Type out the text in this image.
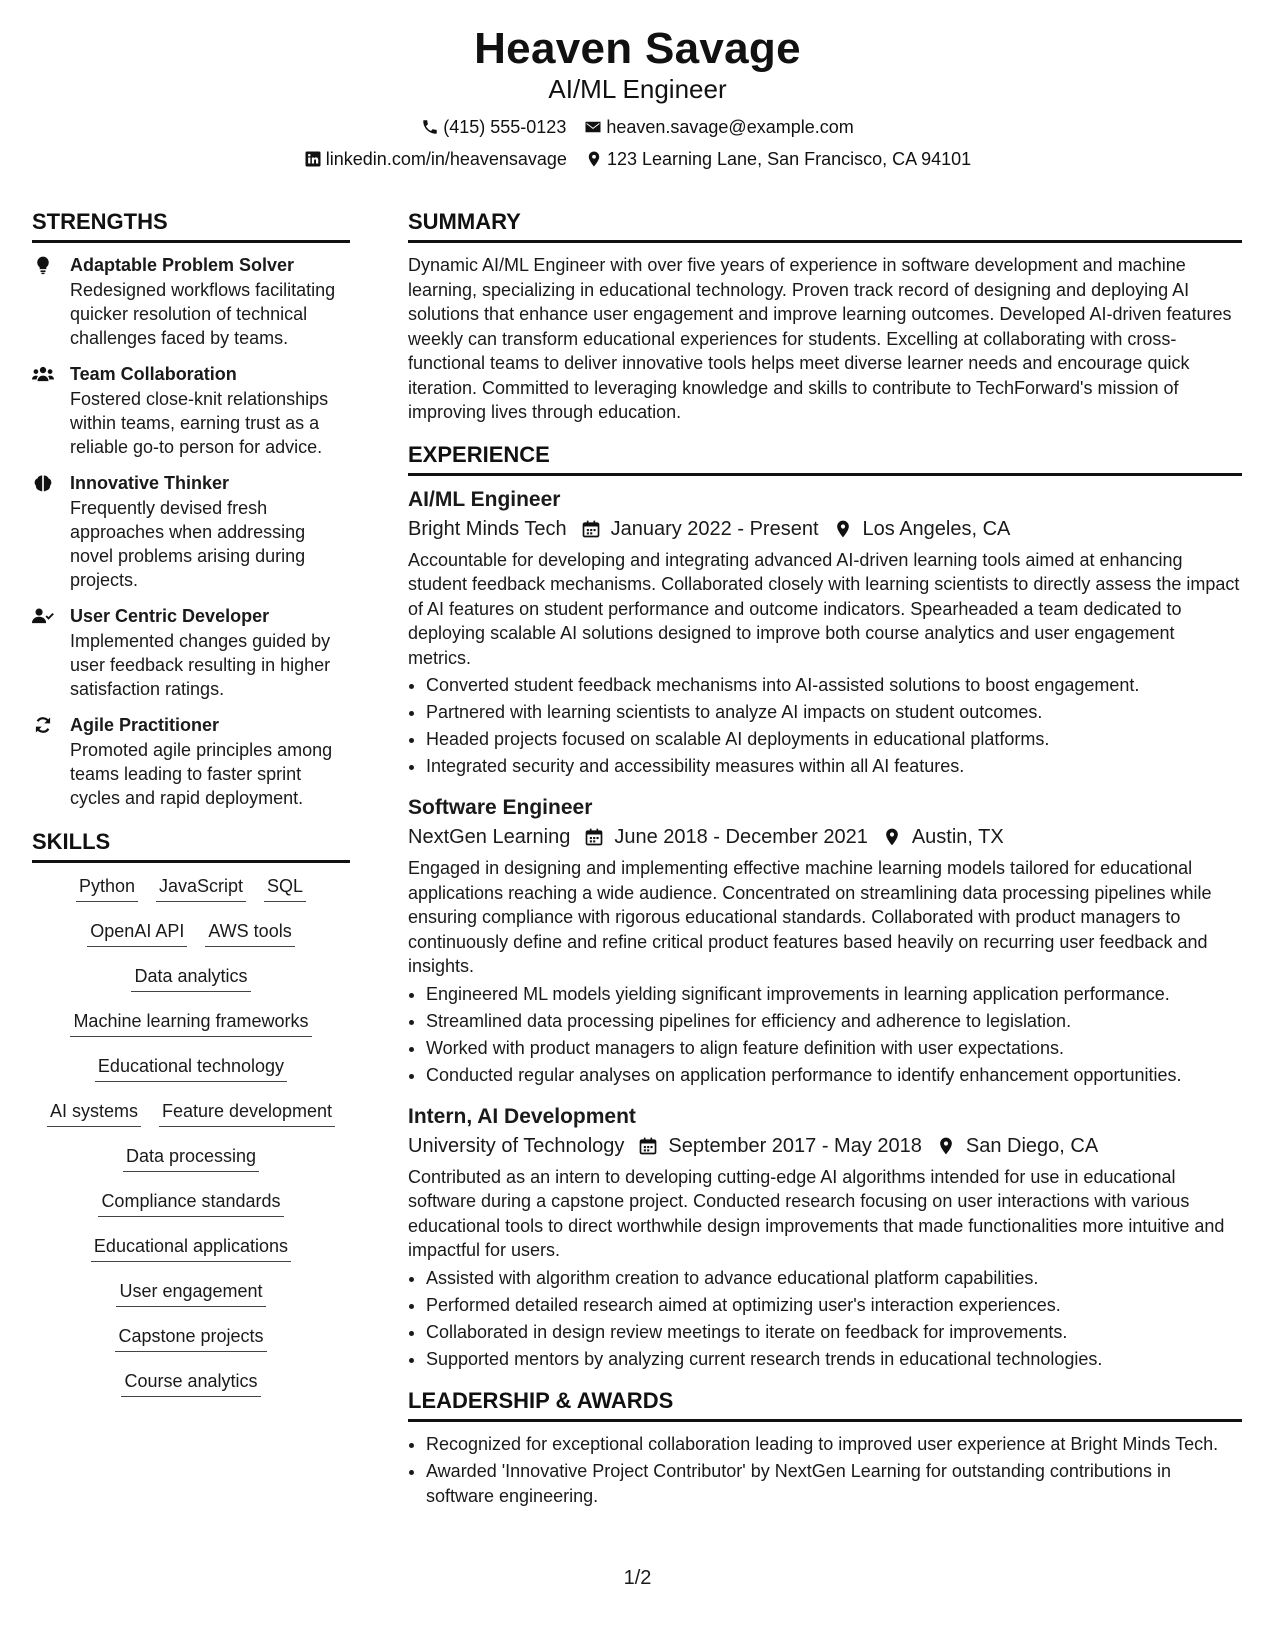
Heaven Savage
AI/ML Engineer
(415) 555-0123 heaven.savage@example.com
linkedin.com/in/heavensavage 123 Learning Lane, San Francisco, CA 94101
STRENGTHS
Adaptable Problem Solver
Redesigned workflows facilitating quicker resolution of technical challenges faced by teams.
Team Collaboration
Fostered close-knit relationships within teams, earning trust as a reliable go-to person for advice.
Innovative Thinker
Frequently devised fresh approaches when addressing novel problems arising during projects.
User Centric Developer
Implemented changes guided by user feedback resulting in higher satisfaction ratings.
Agile Practitioner
Promoted agile principles among teams leading to faster sprint cycles and rapid deployment.
SKILLS
Python JavaScript SQL
OpenAI API AWS tools
Data analytics
Machine learning frameworks
Educational technology
AI systems Feature development
Data processing
Compliance standards
Educational applications
User engagement
Capstone projects
Course analytics
SUMMARY
Dynamic AI/ML Engineer with over five years of experience in software development and machine learning, specializing in educational technology. Proven track record of designing and deploying AI solutions that enhance user engagement and improve learning outcomes. Developed AI-driven features weekly can transform educational experiences for students. Excelling at collaborating with cross-functional teams to deliver innovative tools helps meet diverse learner needs and encourage quick iteration. Committed to leveraging knowledge and skills to contribute to TechForward's mission of improving lives through education.
EXPERIENCE
AI/ML Engineer
Bright Minds Tech January 2022 - Present Los Angeles, CA
Accountable for developing and integrating advanced AI-driven learning tools aimed at enhancing student feedback mechanisms. Collaborated closely with learning scientists to directly assess the impact of AI features on student performance and outcome indicators. Spearheaded a team dedicated to deploying scalable AI solutions designed to improve both course analytics and user engagement metrics.
• Converted student feedback mechanisms into AI-assisted solutions to boost engagement.
• Partnered with learning scientists to analyze AI impacts on student outcomes.
• Headed projects focused on scalable AI deployments in educational platforms.
• Integrated security and accessibility measures within all AI features.
Software Engineer
NextGen Learning June 2018 - December 2021 Austin, TX
Engaged in designing and implementing effective machine learning models tailored for educational applications reaching a wide audience. Concentrated on streamlining data processing pipelines while ensuring compliance with rigorous educational standards. Collaborated with product managers to continuously define and refine critical product features based heavily on recurring user feedback and insights.
• Engineered ML models yielding significant improvements in learning application performance.
• Streamlined data processing pipelines for efficiency and adherence to legislation.
• Worked with product managers to align feature definition with user expectations.
• Conducted regular analyses on application performance to identify enhancement opportunities.
Intern, AI Development
University of Technology September 2017 - May 2018 San Diego, CA
Contributed as an intern to developing cutting-edge AI algorithms intended for use in educational software during a capstone project. Conducted research focusing on user interactions with various educational tools to direct worthwhile design improvements that made functionalities more intuitive and impactful for users.
• Assisted with algorithm creation to advance educational platform capabilities.
• Performed detailed research aimed at optimizing user's interaction experiences.
• Collaborated in design review meetings to iterate on feedback for improvements.
• Supported mentors by analyzing current research trends in educational technologies.
LEADERSHIP & AWARDS
• Recognized for exceptional collaboration leading to improved user experience at Bright Minds Tech.
• Awarded 'Innovative Project Contributor' by NextGen Learning for outstanding contributions in software engineering.
1/2
